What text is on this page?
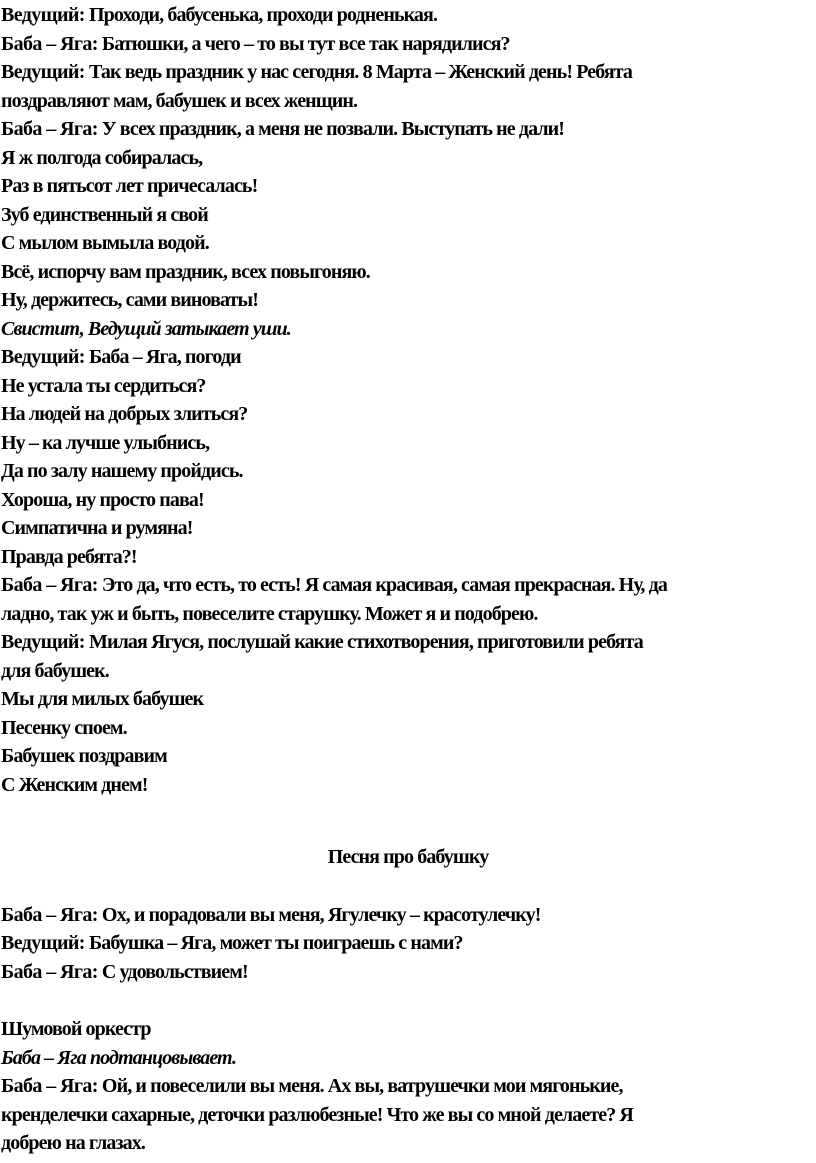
Ведущий: Проходи, бабусенька, проходи родненькая.
Баба – Яга: Батюшки, а чего – то вы тут все так нарядилися?
Ведущий: Так ведь праздник у нас сегодня. 8 Марта – Женский день! Ребята
поздравляют мам, бабушек и всех женщин.
Баба – Яга: У всех праздник, а меня не позвали. Выступать не дали!
Я ж полгода собиралась,
Раз в пятьсот лет причесалась!
Зуб единственный я свой
С мылом вымыла водой.
Всё, испорчу вам праздник, всех повыгоняю.
Ну, держитесь, сами виноваты!
Свистит, Ведущий затыкает уши.
Ведущий: Баба – Яга, погоди
Не устала ты сердиться?
На людей на добрых злиться?
Ну – ка лучше улыбнись,
Да по залу нашему пройдись.
Хороша, ну просто пава!
Симпатична и румяна!
Правда ребята?!
Баба – Яга: Это да, что есть, то есть! Я самая красивая, самая прекрасная. Ну, да
ладно, так уж и быть, повеселите старушку. Может я и подобрею.
Ведущий: Милая Ягуся, послушай какие стихотворения, приготовили ребята
для бабушек.
Мы для милых бабушек
Песенку споем.
Бабушек поздравим
С Женским днем!
Песня про бабушку
Баба – Яга: Ох, и порадовали вы меня, Ягулечку – красотулечку!
Ведущий: Бабушка – Яга, может ты поиграешь с нами?
Баба – Яга: С удовольствием!
Шумовой оркестр
Баба – Яга подтанцовывает.
Баба – Яга: Ой, и повеселили вы меня. Ах вы, ватрушечки мои мягонькие,
кренделечки сахарные, деточки разлюбезные! Что же вы со мной делаете? Я
добрею на глазах.
